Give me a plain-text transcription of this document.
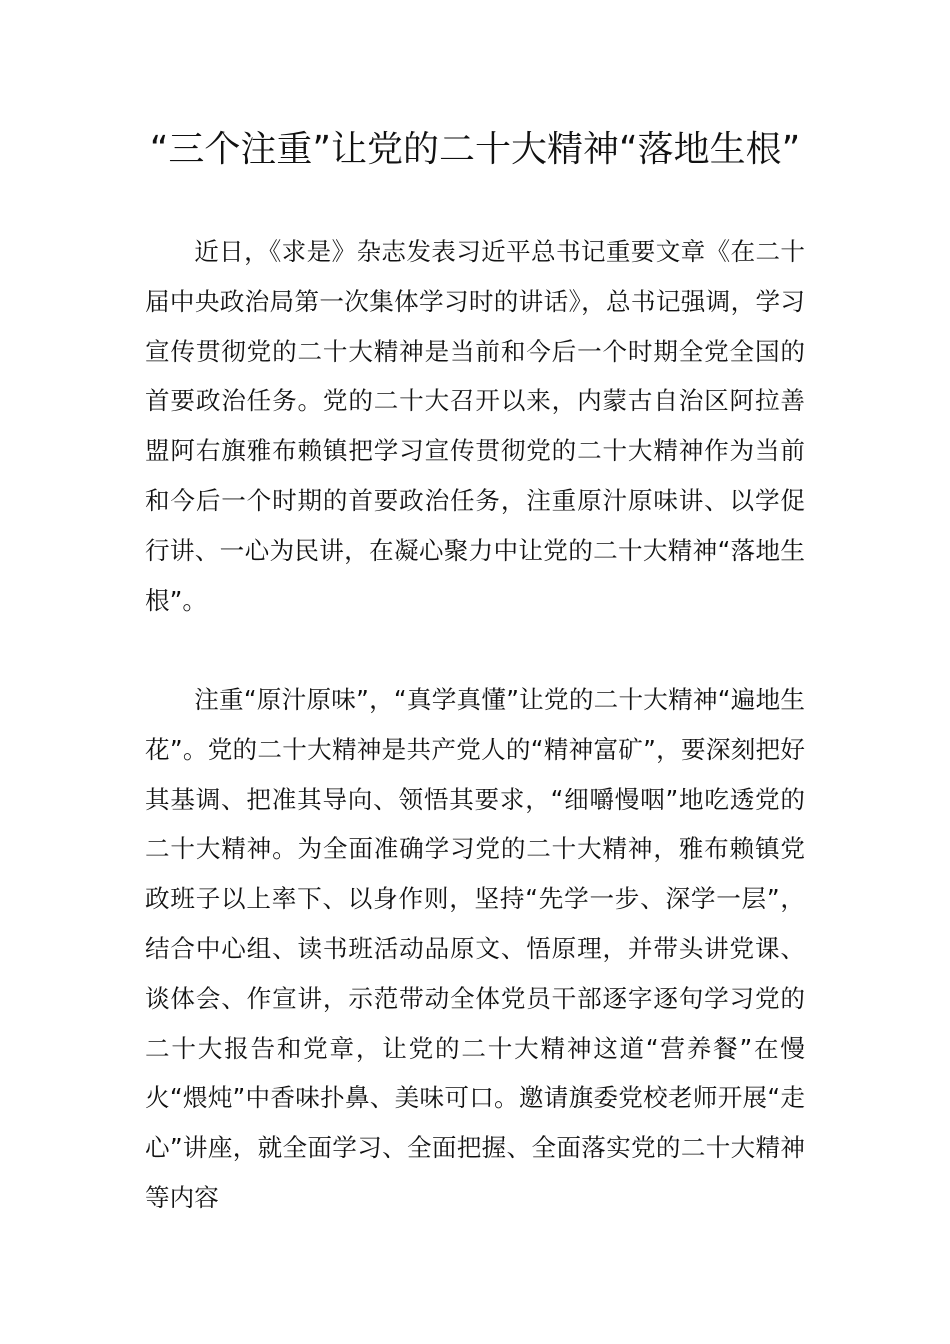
“三个注重”让党的二十大精神“落地生根”

近日，《求是》杂志发表习近平总书记重要文章《在二十届中央政治局第一次集体学习时的讲话》，总书记强调，学习宣传贯彻党的二十大精神是当前和今后一个时期全党全国的首要政治任务。党的二十大召开以来，内蒙古自治区阿拉善盟阿右旗雅布赖镇把学习宣传贯彻党的二十大精神作为当前和今后一个时期的首要政治任务，注重原汁原味讲、以学促行讲、一心为民讲，在凝心聚力中让党的二十大精神“落地生根”。

注重“原汁原味”，“真学真懂”让党的二十大精神“遍地生花”。党的二十大精神是共产党人的“精神富矿”，要深刻把好其基调、把准其导向、领悟其要求，“细嚼慢咽”地吃透党的二十大精神。为全面准确学习党的二十大精神，雅布赖镇党政班子以上率下、以身作则，坚持“先学一步、深学一层”，结合中心组、读书班活动品原文、悟原理，并带头讲党课、谈体会、作宣讲，示范带动全体党员干部逐字逐句学习党的二十大报告和党章，让党的二十大精神这道“营养餐”在慢火“煨炖”中香味扑鼻、美味可口。邀请旗委党校老师开展“走心”讲座，就全面学习、全面把握、全面落实党的二十大精神等内容
